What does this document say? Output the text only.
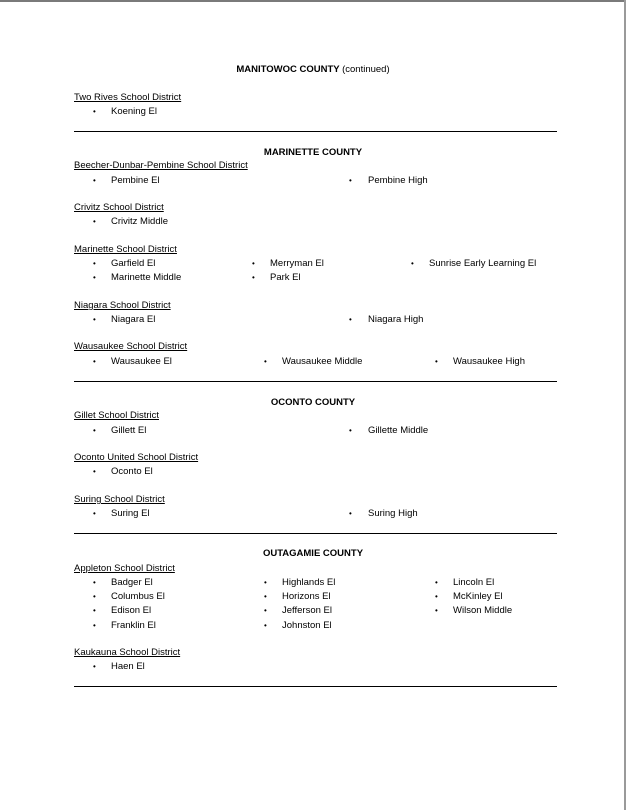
MANITOWOC COUNTY (continued)
Two Rives School District
• Koening El
MARINETTE COUNTY
Beecher-Dunbar-Pembine School District
• Pembine El	• Pembine High
Crivitz School District
• Crivitz Middle
Marinette School District
• Garfield El	• Merryman El	• Sunrise Early Learning El
• Marinette Middle	• Park El
Niagara School District
• Niagara El	• Niagara High
Wausaukee School District
• Wausaukee El	• Wausaukee Middle	• Wausaukee High
OCONTO COUNTY
Gillet School District
• Gillett El	• Gillette Middle
Oconto United School District
• Oconto El
Suring School District
• Suring El	• Suring High
OUTAGAMIE COUNTY
Appleton School District
• Badger El	• Highlands El	• Lincoln El
• Columbus El	• Horizons El	• McKinley El
• Edison El	• Jefferson El	• Wilson Middle
• Franklin El	• Johnston El
Kaukauna School District
• Haen El
